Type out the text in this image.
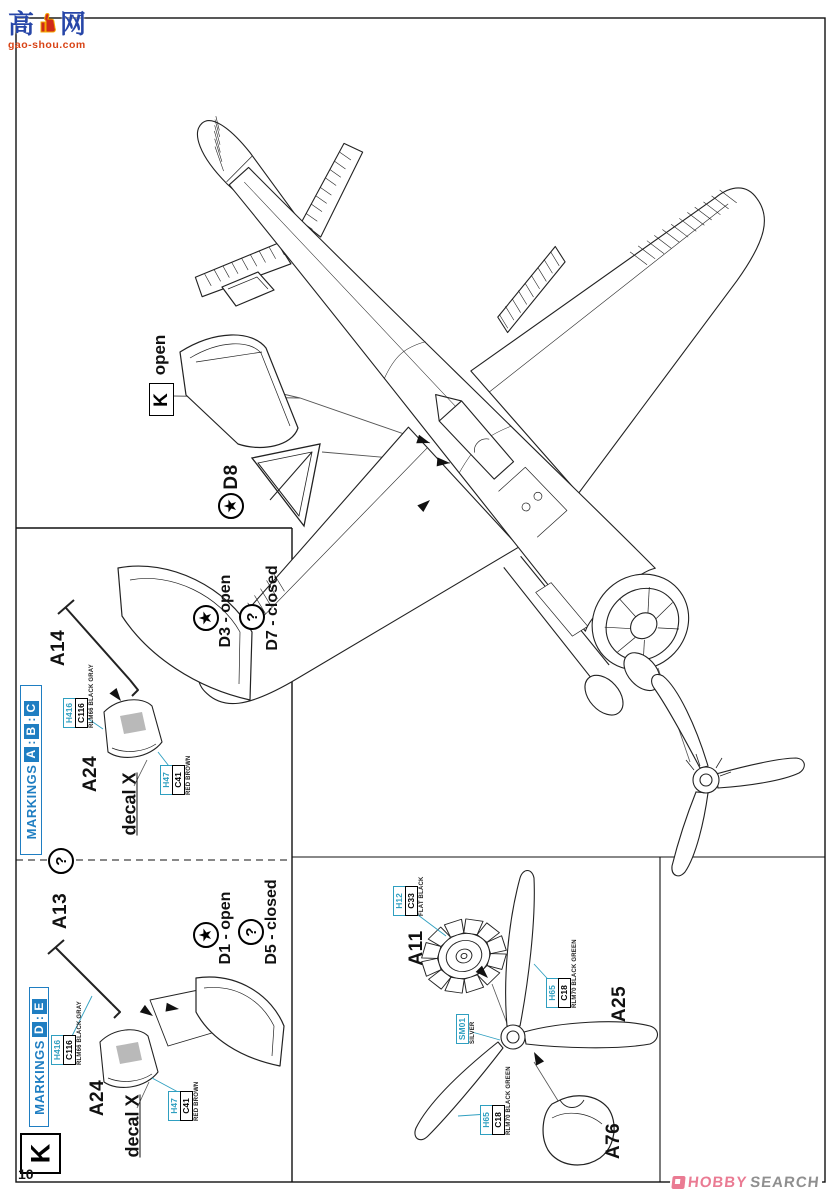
高 网
gao-shou.com
K
open
D8
★
MARKINGS
A
:
B
:
C
A14
A24 decal X
H416 C116 RLM66 BLACK GRAY
H47 C41 RED BROWN
★ D3 - open ? D7 - closed
?
MARKINGS
D
:
E
A13
A24 decal X
H416 C116 RLM66 BLACK GRAY
H47 C41 RED BROWN
★ D1 - open ? D5 - closed	A11
H12 C33 FLAT BLACK
SM01 SILVER
H65 C18 RLM70 BLACK GREEN
H65 C18 RLM70 BLACK GREEN
A25
A76
K
10	HOBBY SEARCH
